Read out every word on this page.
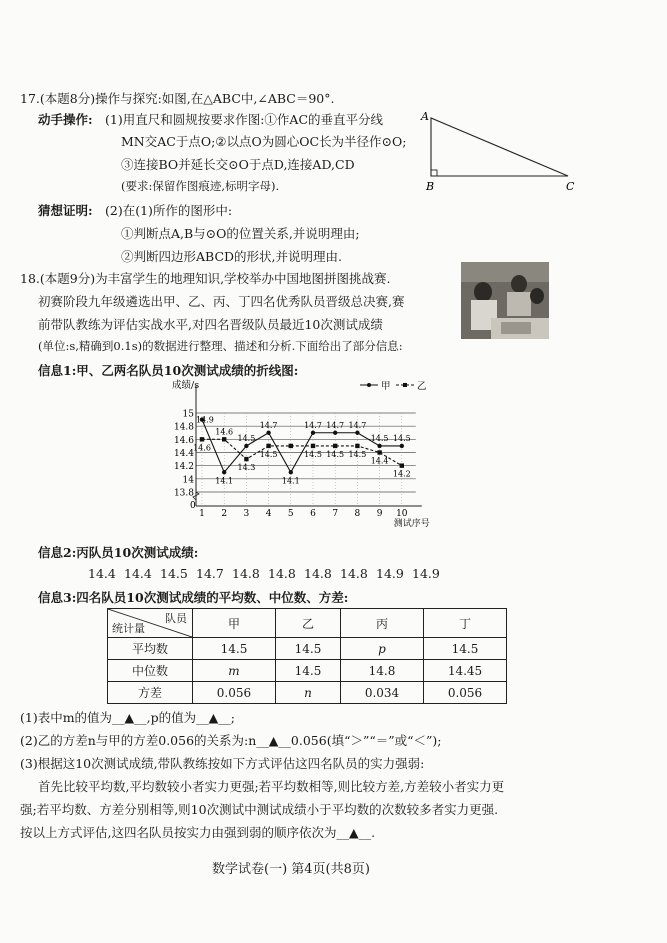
17.(本题8分)操作与探究:如图,在△ABC中,∠ABC＝90°.
动手操作: (1)用直尺和圆规按要求作图:①作AC的垂直平分线
MN交AC于点O;②以点O为圆心OC长为半径作⊙O;
③连接BO并延长交⊙O于点D,连接AD,CD
(要求:保留作图痕迹,标明字母).
猜想证明: (2)在(1)所作的图形中:
①判断点A,B与⊙O的位置关系,并说明理由;
②判断四边形ABCD的形状,并说明理由.
A
B	C
18.(本题9分)为丰富学生的地理知识,学校举办中国地图拼图挑战赛.
初赛阶段九年级遴选出甲、乙、丙、丁四名优秀队员晋级总决赛,赛
前带队教练为评估实战水平,对四名晋级队员最近10次测试成绩
(单位:s,精确到0.1s)的数据进行整理、描述和分析.下面给出了部分信息:
信息1:甲、乙两名队员10次测试成绩的折线图:
13.8
14
14.2
14.4
14.6
14.8
15
1 2 3 4 5 6 7 8 9 10
0
成绩/s
测试序号
14.9
14.6
14.6
14.1
14.5
14.3
14.7
14.5
14.1
14.7
14.5
14.7
14.5
14.7
14.5
14.5
14.4
14.5
14.2
甲	乙
信息2:丙队员10次测试成绩:
14.4 14.4 14.5 14.7 14.8 14.8 14.8 14.8 14.9 14.9
信息3:四名队员10次测试成绩的平均数、中位数、方差:
队员
统计量	甲	乙	丙	丁
平均数	14.5	14.5	p	14.5
中位数	m	14.5	14.8	14.45
方差	0.056	n	0.034	0.056
(1)表中m的值为__▲__,p的值为__▲__;
(2)乙的方差n与甲的方差0.056的关系为:n__▲__0.056(填“＞”“＝”或“＜”);
(3)根据这10次测试成绩,带队教练按如下方式评估这四名队员的实力强弱:
首先比较平均数,平均数较小者实力更强;若平均数相等,则比较方差,方差较小者实力更
强;若平均数、方差分别相等,则10次测试中测试成绩小于平均数的次数较多者实力更强.
按以上方式评估,这四名队员按实力由强到弱的顺序依次为__▲__.
数学试卷(一) 第4页(共8页)
